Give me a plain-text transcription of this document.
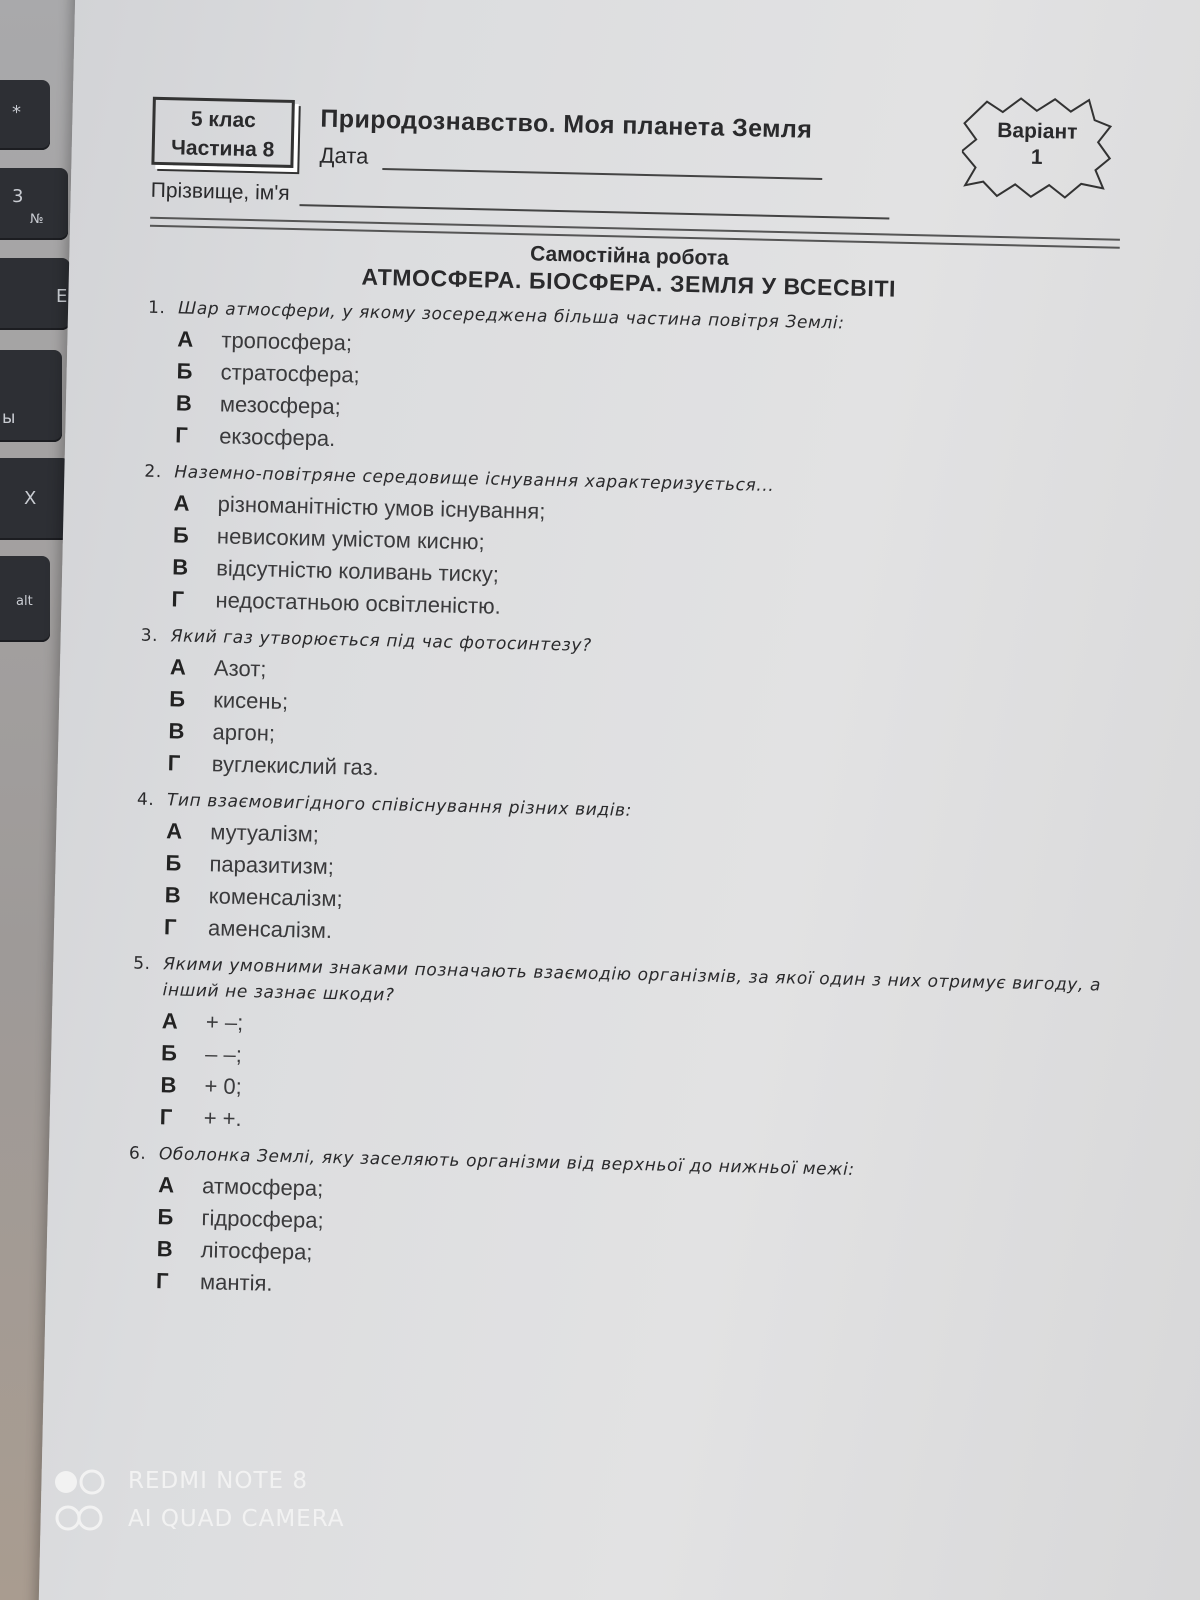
*
3
№
Е
ы
Х
alt
5 клас
Частина 8
Природознавство. Моя планета Земля
Дата
Прізвище, ім'я
Варіант
1
Самостійна робота
АТМОСФЕРА. БІОСФЕРА. ЗЕМЛЯ У ВСЕСВІТІ
1. Шар атмосфери, у якому зосереджена більша частина повітря Землі:
А тропосфера;
Б стратосфера;
В мезосфера;
Г екзосфера.
2. Наземно-повітряне середовище існування характеризується...
А різноманітністю умов існування;
Б невисоким умістом кисню;
В відсутністю коливань тиску;
Г недостатньою освітленістю.
3. Який газ утворюється під час фотосинтезу?
А Азот;
Б кисень;
В аргон;
Г вуглекислий газ.
4. Тип взаємовигідного співіснування різних видів:
А мутуалізм;
Б паразитизм;
В коменсалізм;
Г аменсалізм.
5. Якими умовними знаками позначають взаємодію організмів, за якої один з них отримує вигоду, а інший не зазнає шкоди?
А + –;
Б – –;
В + 0;
Г + +.
6. Оболонка Землі, яку заселяють організми від верхньої до нижньої межі:
А атмосфера;
Б гідросфера;
В літосфера;
Г мантія.
REDMI NOTE 8
AI QUAD CAMERA
